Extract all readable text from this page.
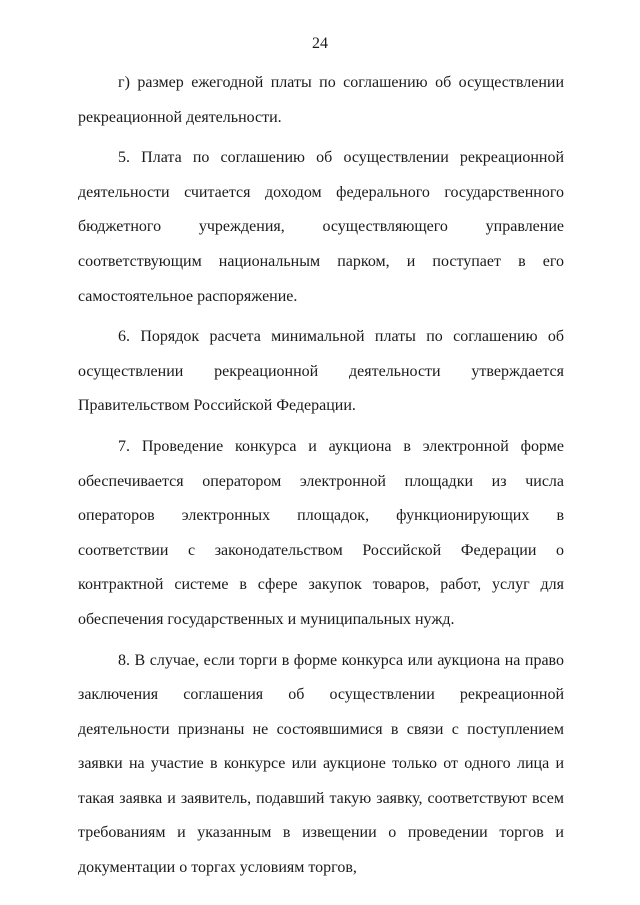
24

г) размер ежегодной платы по соглашению об осуществлении рекреационной деятельности.

5. Плата по соглашению об осуществлении рекреационной деятельности считается доходом федерального государственного бюджетного учреждения, осуществляющего управление соответствующим национальным парком, и поступает в его самостоятельное распоряжение.

6. Порядок расчета минимальной платы по соглашению об осуществлении рекреационной деятельности утверждается Правительством Российской Федерации.

7. Проведение конкурса и аукциона в электронной форме обеспечивается оператором электронной площадки из числа операторов электронных площадок, функционирующих в соответствии с законодательством Российской Федерации о контрактной системе в сфере закупок товаров, работ, услуг для обеспечения государственных и муниципальных нужд.

8. В случае, если торги в форме конкурса или аукциона на право заключения соглашения об осуществлении рекреационной деятельности признаны не состоявшимися в связи с поступлением заявки на участие в конкурсе или аукционе только от одного лица и такая заявка и заявитель, подавший такую заявку, соответствуют всем требованиям и указанным в извещении о проведении торгов и документации о торгах условиям торгов,
